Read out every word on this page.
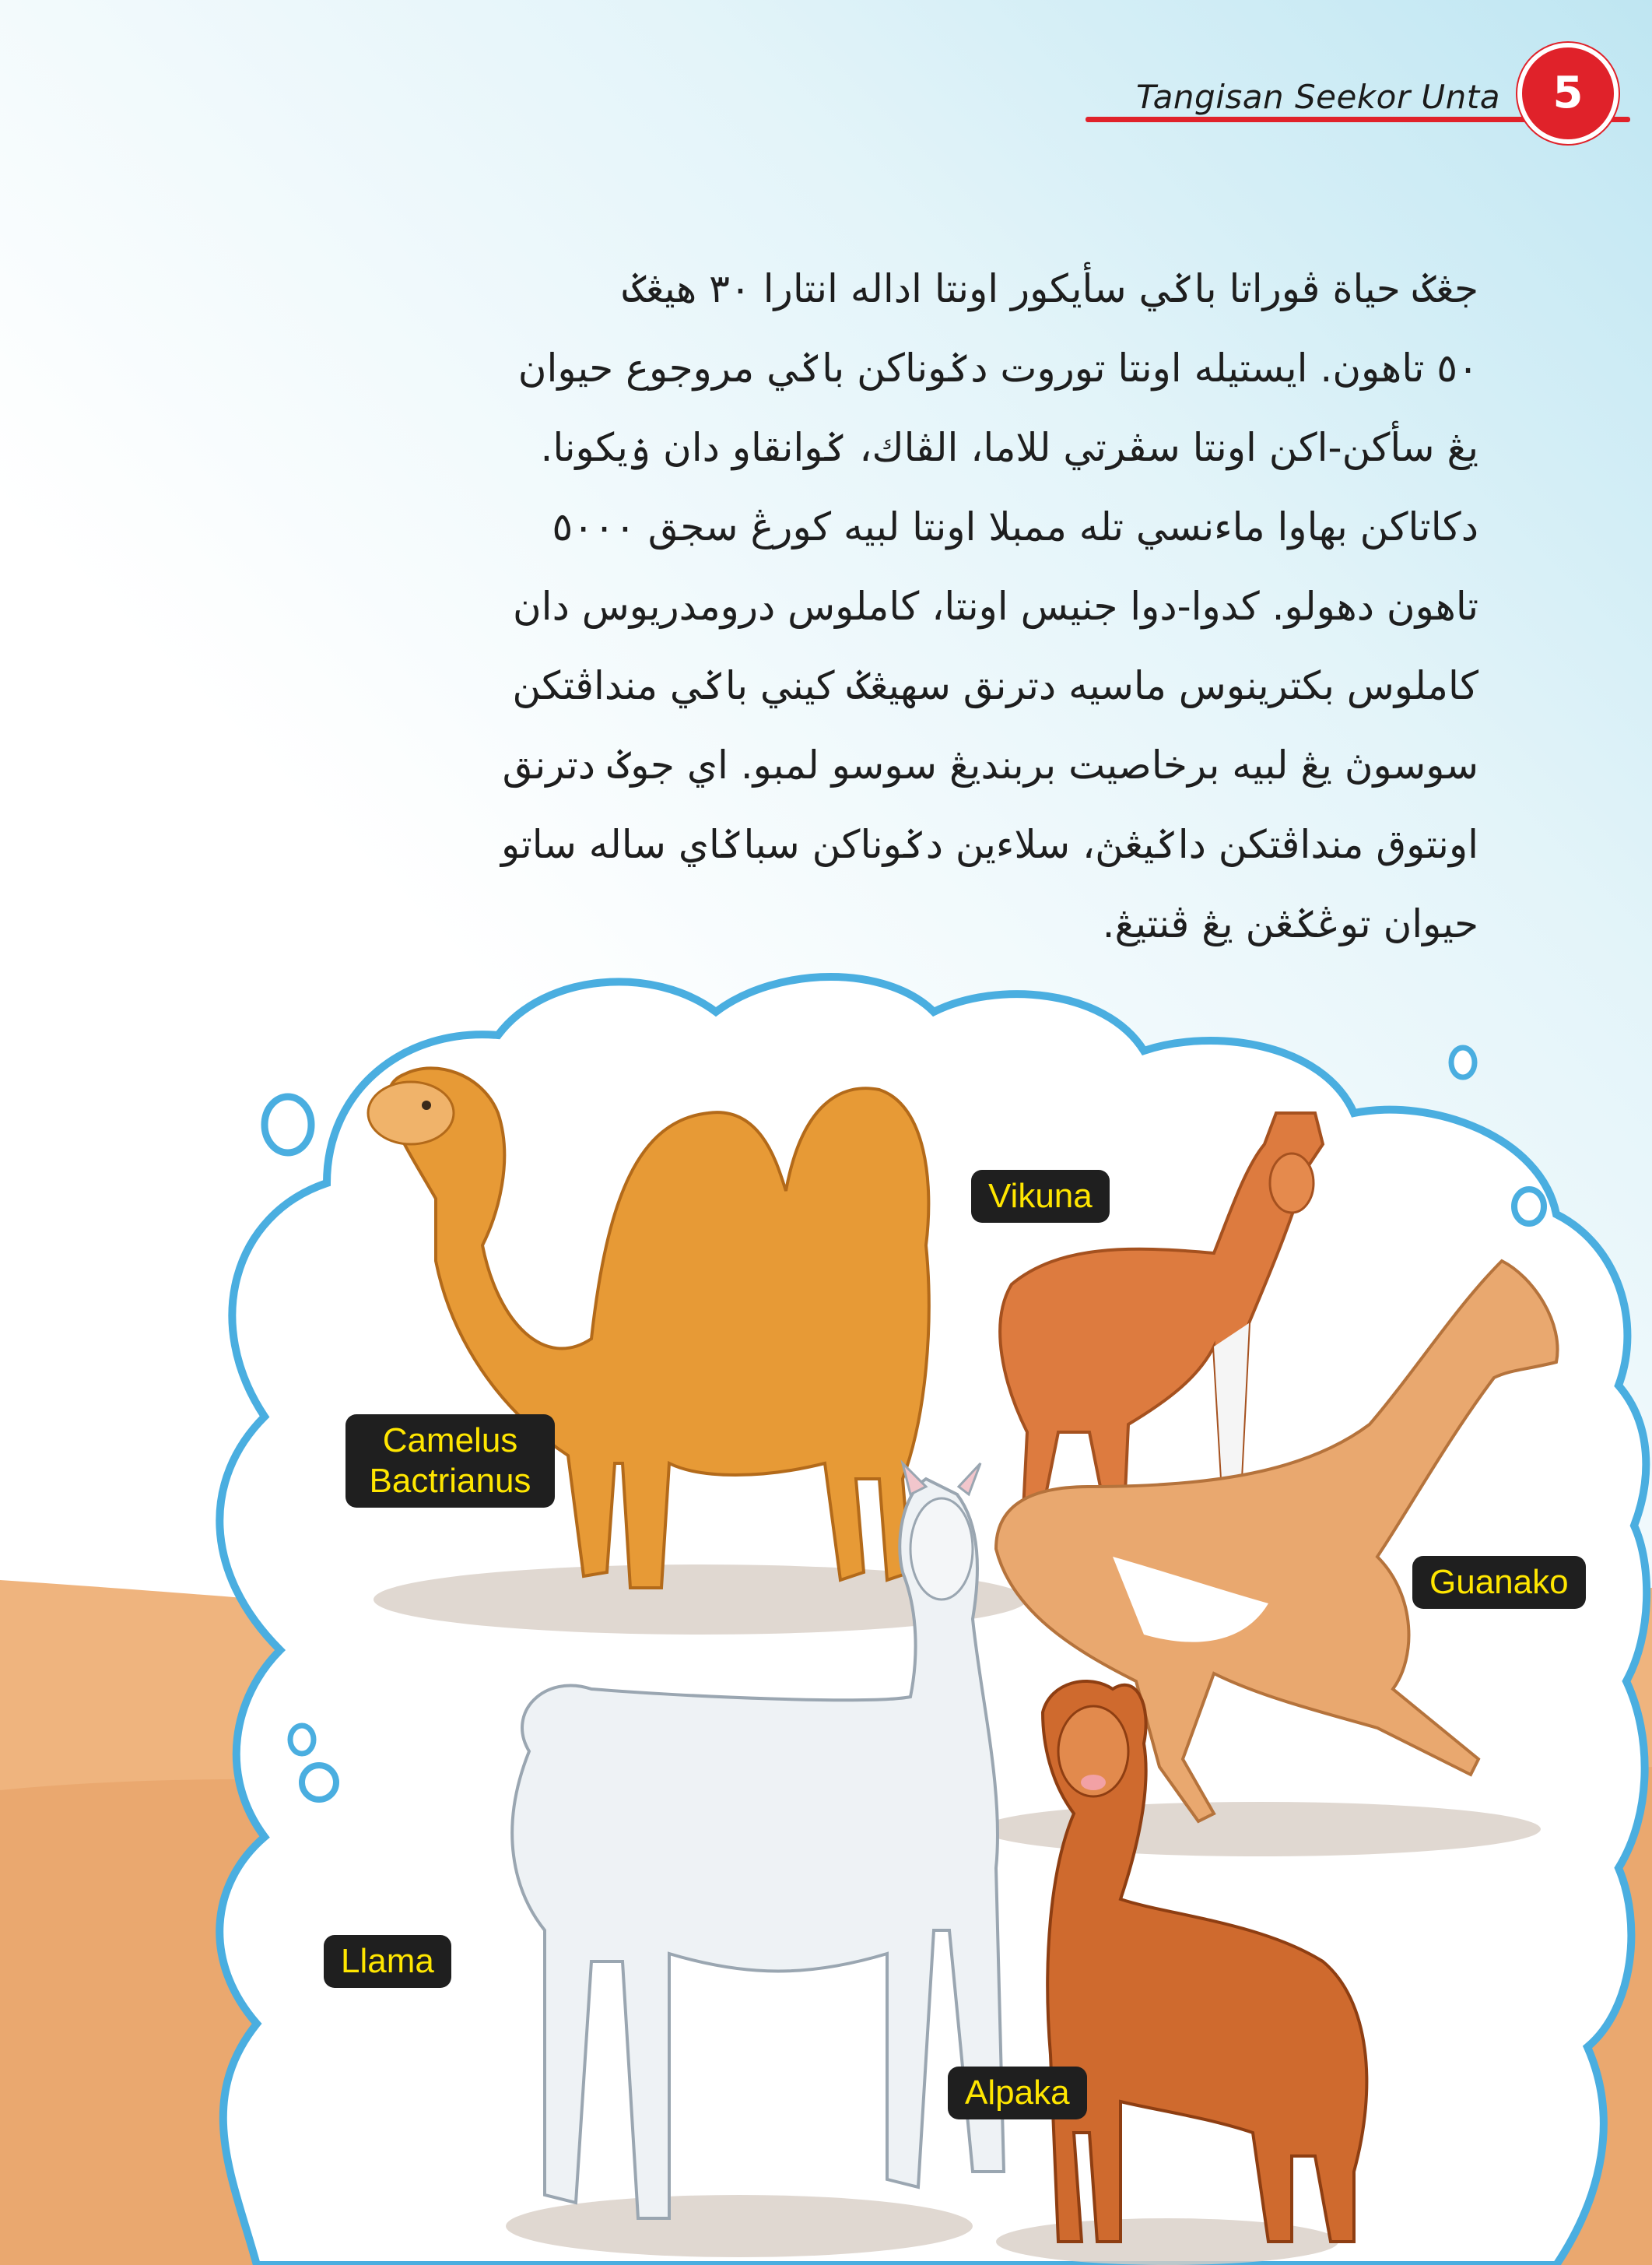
Tangisan Seekor Unta	5
جڠݢ حياة ڤوراتا باݢي سأيكور اونتا اداله انتارا ٣٠ هيڠݢ
٥٠ تاهون. ايستيله اونتا توروت دݢوناكن باݢي مروجوع حيوان
يڠ سأكن-اكن اونتا سڤرتي للاما، الڤاك، ݢوانقاو دان ۏيكونا.
دكاتاكن بهاوا ماءنسي تله ممبلا اونتا لبيه كورڠ سجق ٥٠٠٠
تاهون دهولو. كدوا-دوا جنيس اونتا، كاملوس درومدريوس دان
كاملوس بكترينوس ماسيه دترنق سهيڠݢ كيني باݢي منداڤتكن
سوسوڽ يڠ لبيه برخاصيت بربنديڠ سوسو لمبو. اي جوݢ دترنق
اونتوق منداڤتكن داݢيڠڽ، سلاءين دݢوناكن سباݢاي ساله ساتو
حيوان توڠݢڠن يڠ ڤنتيڠ.
Camelus
Bactrianus
Vikuna
Guanako
Llama
Alpaka
